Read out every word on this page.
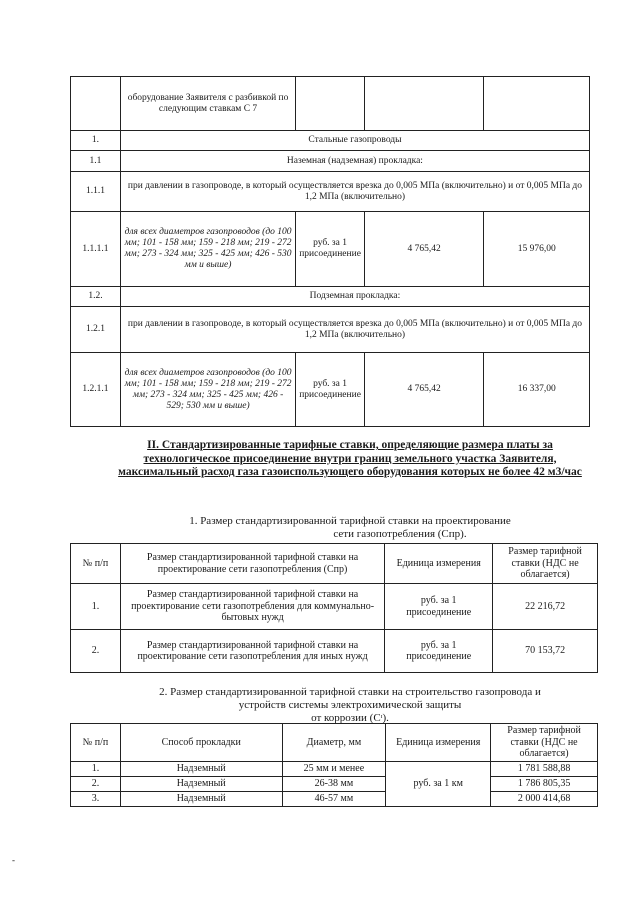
	оборудование Заявителя с разбивкой по следующим ставкам С 7			
1.	Стальные газопроводы			
1.1	Наземная (надземная) прокладка:			
1.1.1	при давлении в газопроводе, в который осуществляется врезка до 0,005 МПа (включительно) и от 0,005 МПа до 1,2 МПа (включительно)			
1.1.1.1	для всех диаметров газопроводов (до 100 мм; 101 - 158 мм; 159 - 218 мм; 219 - 272 мм; 273 - 324 мм; 325 - 425 мм; 426 - 530 мм и выше)	руб. за 1 присоединение	4 765,42	15 976,00
1.2.	Подземная прокладка:			
1.2.1	при давлении в газопроводе, в который осуществляется врезка до 0,005 МПа (включительно) и от 0,005 МПа до 1,2 МПа (включительно)			
1.2.1.1	для всех диаметров газопроводов (до 100 мм; 101 - 158 мм; 159 - 218 мм; 219 - 272 мм; 273 - 324 мм; 325 - 425 мм; 426 - 529; 530 мм и выше)	руб. за 1 присоединение	4 765,42	16 337,00
II. Стандартизированные тарифные ставки, определяющие размера платы за технологическое присоединение внутри границ земельного участка Заявителя, максимальный расход газа газоиспользующего оборудования которых не более 42 м3/час
1. Размер стандартизированной тарифной ставки на проектирование
сети газопотребления (Спр).
№ п/п	Размер стандартизированной тарифной ставки на проектирование сети газопотребления (Спр)	Единица измерения	Размер тарифной ставки (НДС не облагается)
1.	Размер стандартизированной тарифной ставки на проектирование сети газопотребления для коммунально-бытовых нужд	руб. за 1 присоединение	22 216,72
2.	Размер стандартизированной тарифной ставки на проектирование сети газопотребления для иных нужд	руб. за 1 присоединение	70 153,72
2. Размер стандартизированной тарифной ставки на строительство газопровода и
устройств системы электрохимической защиты
от коррозии (Сᶦ).
№ п/п	Способ прокладки	Диаметр, мм	Единица измерения	Размер тарифной ставки (НДС не облагается)
1.	Надземный	25 мм и менее	руб. за 1 км	1 781 588,88
2.	Надземный	26-38 мм		1 786 805,35
3.	Надземный	46-57 мм		2 000 414,68
-
